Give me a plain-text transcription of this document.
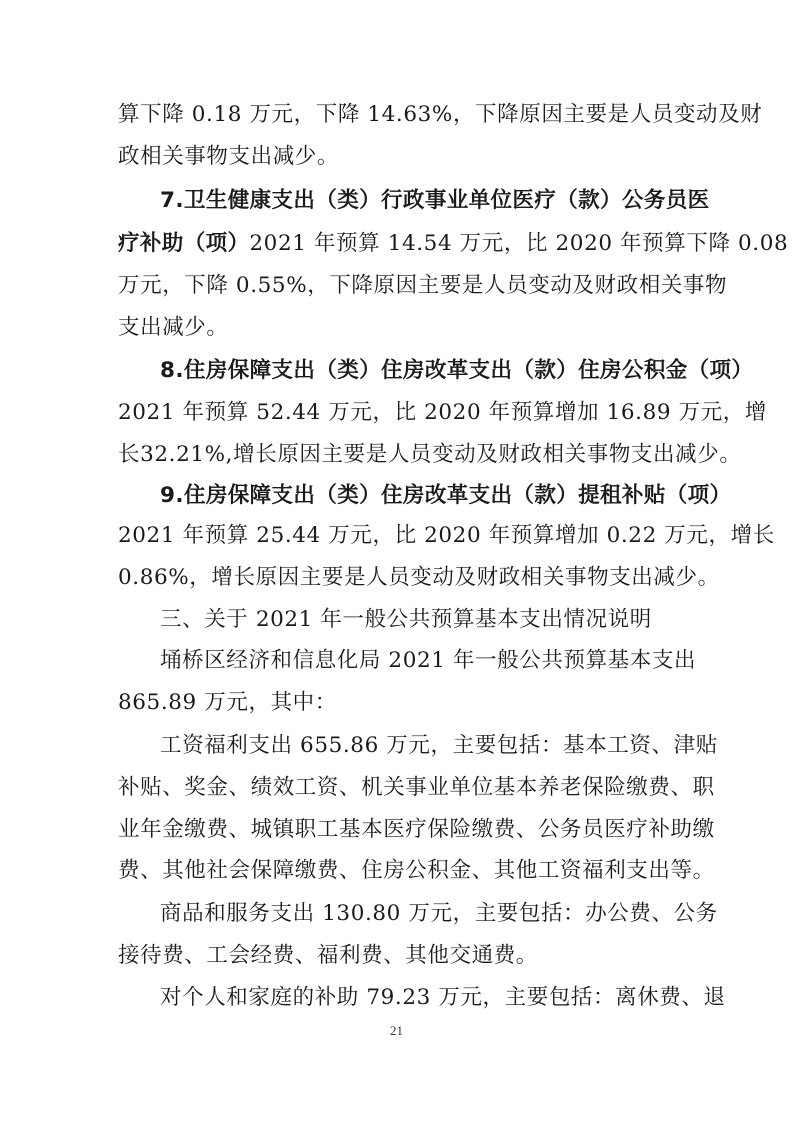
算下降 0.18 万元，下降 14.63%，下降原因主要是人员变动及财
政相关事物支出减少。
7.卫生健康支出（类）行政事业单位医疗（款）公务员医
疗补助（项）2021 年预算 14.54 万元，比 2020 年预算下降 0.08
万元，下降 0.55%，下降原因主要是人员变动及财政相关事物
支出减少。
8.住房保障支出（类）住房改革支出（款）住房公积金（项）
2021 年预算 52.44 万元，比 2020 年预算增加 16.89 万元，增
长32.21%,增长原因主要是人员变动及财政相关事物支出减少。
9.住房保障支出（类）住房改革支出（款）提租补贴（项）
2021 年预算 25.44 万元，比 2020 年预算增加 0.22 万元，增长
0.86%，增长原因主要是人员变动及财政相关事物支出减少。
三、关于 2021 年一般公共预算基本支出情况说明
埇桥区经济和信息化局 2021 年一般公共预算基本支出
865.89 万元，其中：
工资福利支出 655.86 万元，主要包括：基本工资、津贴
补贴、奖金、绩效工资、机关事业单位基本养老保险缴费、职
业年金缴费、城镇职工基本医疗保险缴费、公务员医疗补助缴
费、其他社会保障缴费、住房公积金、其他工资福利支出等。
商品和服务支出 130.80 万元，主要包括：办公费、公务
接待费、工会经费、福利费、其他交通费。
对个人和家庭的补助 79.23 万元，主要包括：离休费、退
21
